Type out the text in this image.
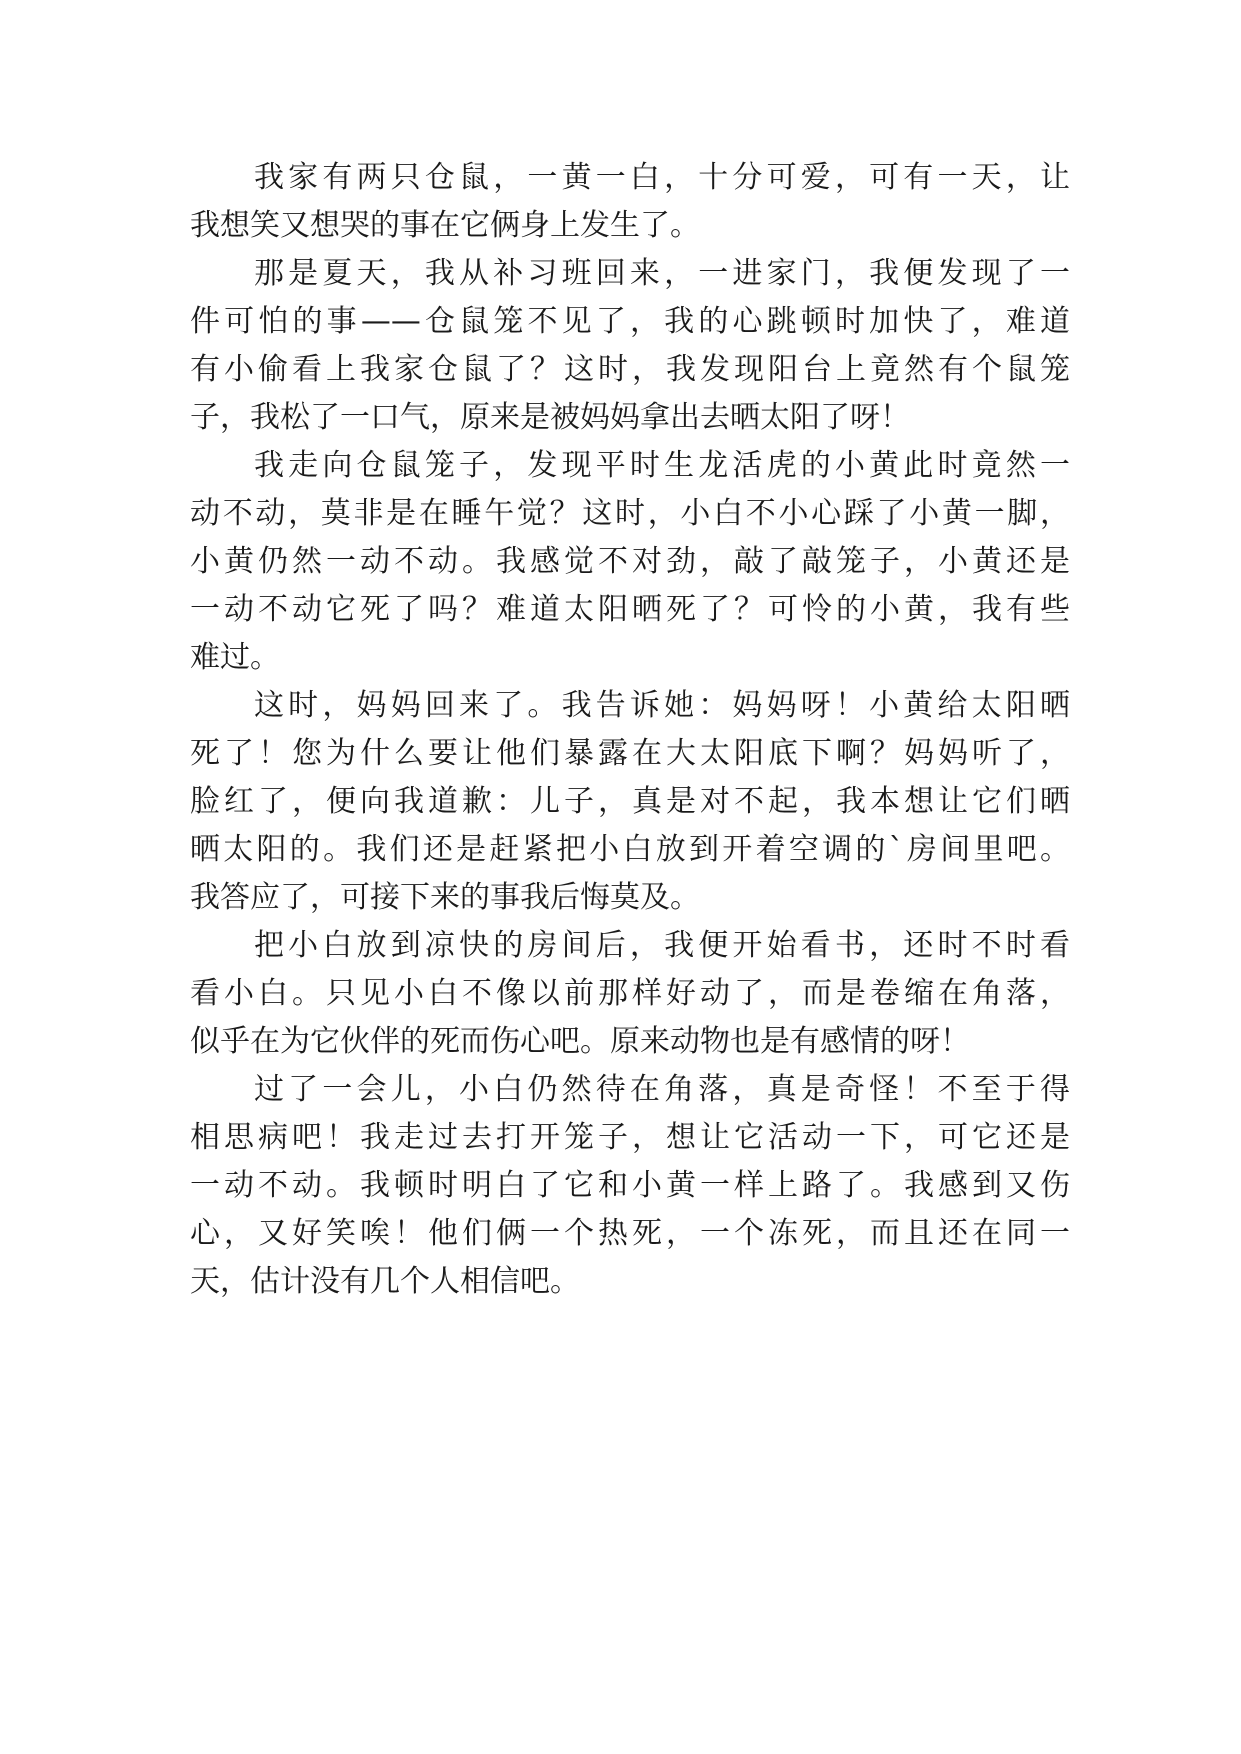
我家有两只仓鼠，一黄一白，十分可爱，可有一天，让
我想笑又想哭的事在它俩身上发生了。
那是夏天，我从补习班回来，一进家门，我便发现了一
件可怕的事——仓鼠笼不见了，我的心跳顿时加快了，难道
有小偷看上我家仓鼠了？这时，我发现阳台上竟然有个鼠笼
子，我松了一口气，原来是被妈妈拿出去晒太阳了呀！
我走向仓鼠笼子，发现平时生龙活虎的小黄此时竟然一
动不动，莫非是在睡午觉？这时，小白不小心踩了小黄一脚，
小黄仍然一动不动。我感觉不对劲，敲了敲笼子，小黄还是
一动不动它死了吗？难道太阳晒死了？可怜的小黄，我有些
难过。
这时，妈妈回来了。我告诉她：妈妈呀！小黄给太阳晒
死了！您为什么要让他们暴露在大太阳底下啊？妈妈听了，
脸红了，便向我道歉：儿子，真是对不起，我本想让它们晒
晒太阳的。我们还是赶紧把小白放到开着空调的`房间里吧。
我答应了，可接下来的事我后悔莫及。
把小白放到凉快的房间后，我便开始看书，还时不时看
看小白。只见小白不像以前那样好动了，而是卷缩在角落，
似乎在为它伙伴的死而伤心吧。原来动物也是有感情的呀！
过了一会儿，小白仍然待在角落，真是奇怪！不至于得
相思病吧！我走过去打开笼子，想让它活动一下，可它还是
一动不动。我顿时明白了它和小黄一样上路了。我感到又伤
心，又好笑唉！他们俩一个热死，一个冻死，而且还在同一
天，估计没有几个人相信吧。
